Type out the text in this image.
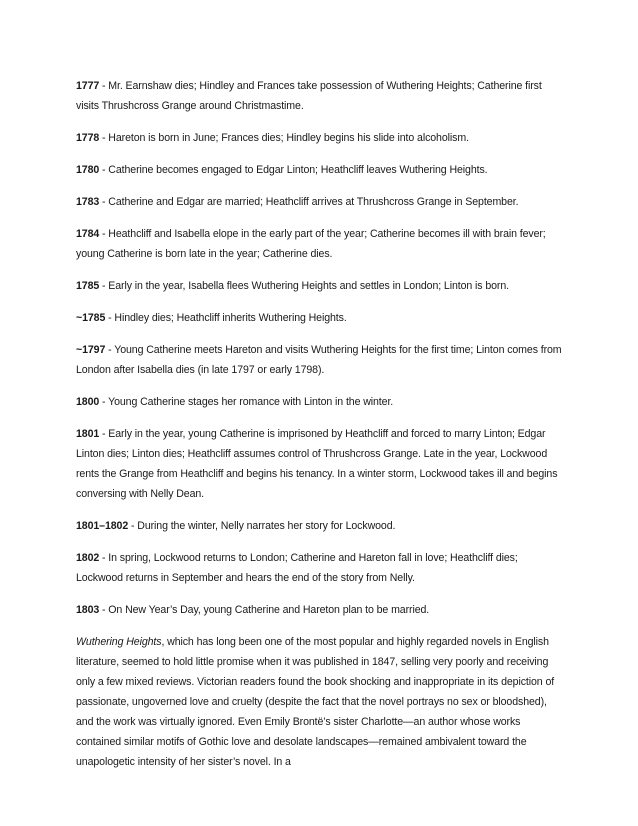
1777 - Mr. Earnshaw dies; Hindley and Frances take possession of Wuthering Heights; Catherine first visits Thrushcross Grange around Christmastime.

1778 - Hareton is born in June; Frances dies; Hindley begins his slide into alcoholism.

1780 - Catherine becomes engaged to Edgar Linton; Heathcliff leaves Wuthering Heights.

1783 - Catherine and Edgar are married; Heathcliff arrives at Thrushcross Grange in September.

1784 - Heathcliff and Isabella elope in the early part of the year; Catherine becomes ill with brain fever; young Catherine is born late in the year; Catherine dies.

1785 - Early in the year, Isabella flees Wuthering Heights and settles in London; Linton is born.

~1785 - Hindley dies; Heathcliff inherits Wuthering Heights.

~1797 - Young Catherine meets Hareton and visits Wuthering Heights for the first time; Linton comes from London after Isabella dies (in late 1797 or early 1798).

1800 - Young Catherine stages her romance with Linton in the winter.

1801 - Early in the year, young Catherine is imprisoned by Heathcliff and forced to marry Linton; Edgar Linton dies; Linton dies; Heathcliff assumes control of Thrushcross Grange. Late in the year, Lockwood rents the Grange from Heathcliff and begins his tenancy. In a winter storm, Lockwood takes ill and begins conversing with Nelly Dean.

1801–1802 - During the winter, Nelly narrates her story for Lockwood.

1802 - In spring, Lockwood returns to London; Catherine and Hareton fall in love; Heathcliff dies; Lockwood returns in September and hears the end of the story from Nelly.

1803 - On New Year’s Day, young Catherine and Hareton plan to be married.

Wuthering Heights, which has long been one of the most popular and highly regarded novels in English literature, seemed to hold little promise when it was published in 1847, selling very poorly and receiving only a few mixed reviews. Victorian readers found the book shocking and inappropriate in its depiction of passionate, ungoverned love and cruelty (despite the fact that the novel portrays no sex or bloodshed), and the work was virtually ignored. Even Emily Brontë’s sister Charlotte—an author whose works contained similar motifs of Gothic love and desolate landscapes—remained ambivalent toward the unapologetic intensity of her sister’s novel. In a
